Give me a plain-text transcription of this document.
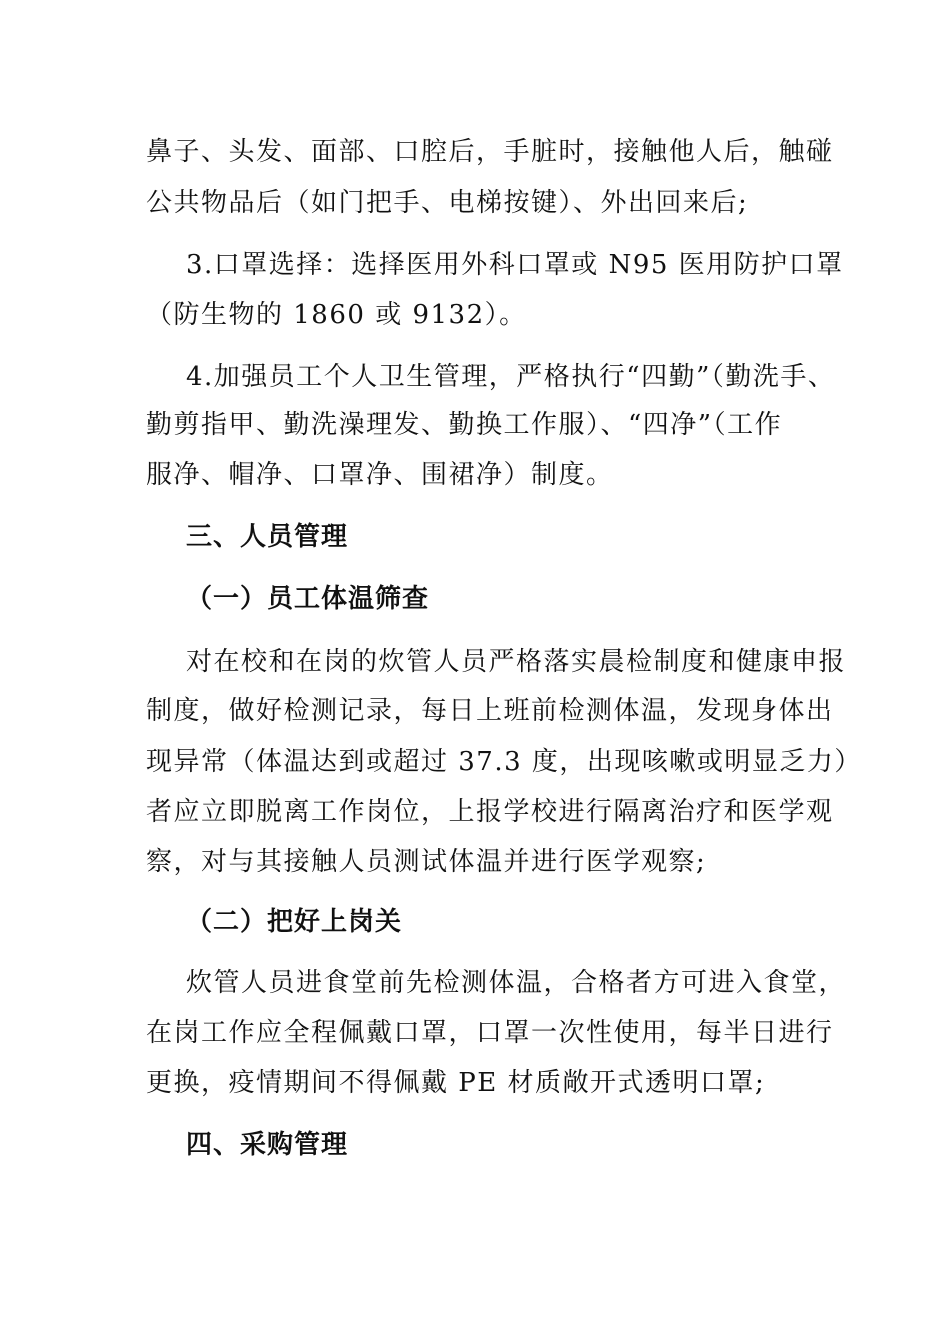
鼻子、头发、面部、口腔后，手脏时，接触他人后，触碰
公共物品后（如门把手、电梯按键）、外出回来后;
3.口罩选择：选择医用外科口罩或 N95 医用防护口罩
（防生物的 1860 或 9132）。
4.加强员工个人卫生管理，严格执行“四勤”（勤洗手、
勤剪指甲、勤洗澡理发、勤换工作服）、“四净”（工作
服净、帽净、口罩净、围裙净）制度。
三、人员管理
（一）员工体温筛查
对在校和在岗的炊管人员严格落实晨检制度和健康申报
制度，做好检测记录，每日上班前检测体温，发现身体出
现异常（体温达到或超过 37.3 度，出现咳嗽或明显乏力）
者应立即脱离工作岗位，上报学校进行隔离治疗和医学观
察，对与其接触人员测试体温并进行医学观察;
（二）把好上岗关
炊管人员进食堂前先检测体温，合格者方可进入食堂，
在岗工作应全程佩戴口罩，口罩一次性使用，每半日进行
更换，疫情期间不得佩戴 PE 材质敞开式透明口罩;
四、采购管理
